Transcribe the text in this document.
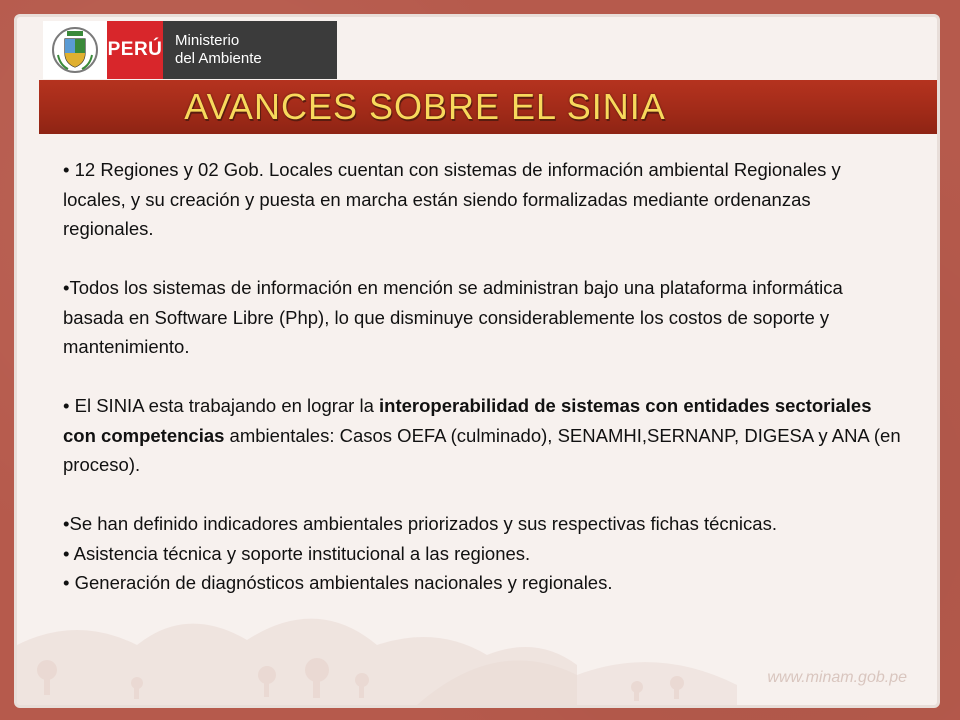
PERÚ Ministerio
del Ambiente
AVANCES SOBRE EL SINIA

• 12 Regiones y 02 Gob. Locales cuentan con sistemas de información ambiental Regionales y locales, y su creación y puesta en marcha están siendo formalizadas mediante ordenanzas regionales.

•Todos los sistemas de información en mención se administran bajo una plataforma informática basada en Software Libre (Php), lo que disminuye considerablemente los costos de soporte y mantenimiento.

• El SINIA esta trabajando en lograr la interoperabilidad de sistemas con entidades sectoriales con competencias ambientales: Casos OEFA (culminado), SENAMHI,SERNANP, DIGESA y ANA (en proceso).

•Se han definido indicadores ambientales priorizados y sus respectivas fichas técnicas.

• Asistencia técnica y soporte institucional a las regiones.

• Generación de diagnósticos ambientales nacionales y regionales.

www.minam.gob.pe
